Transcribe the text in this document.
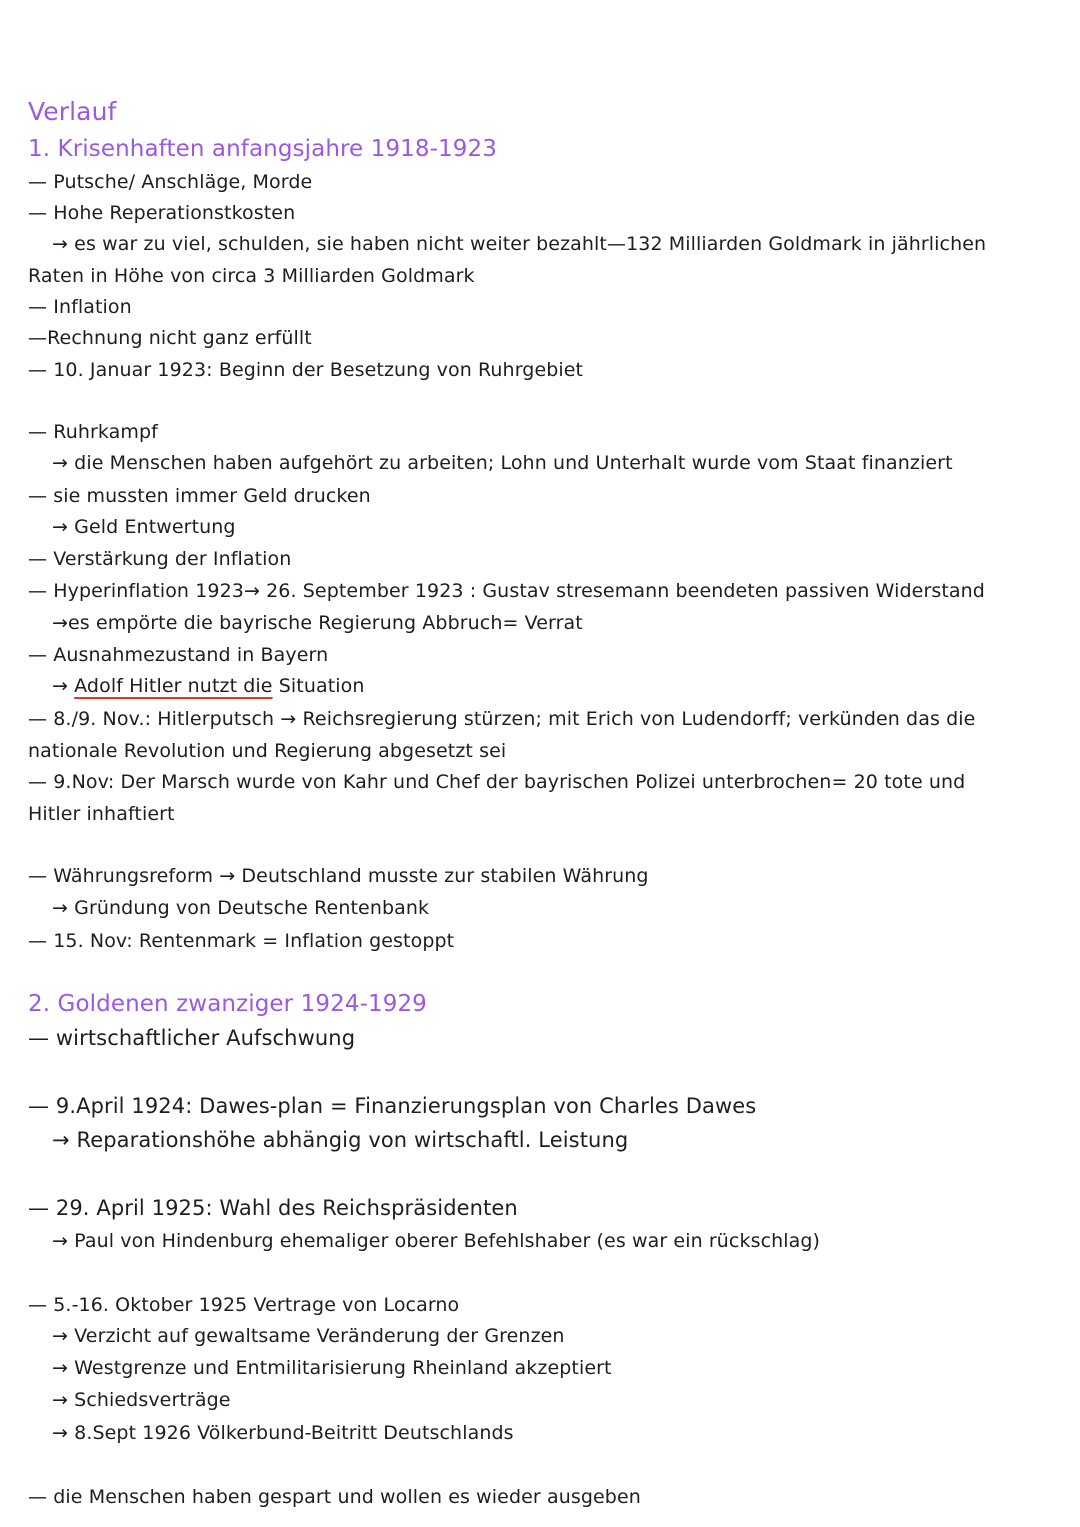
Verlauf
1. Krisenhaften anfangsjahre 1918-1923
— Putsche/ Anschläge, Morde
— Hohe Reperationstkosten
→ es war zu viel, schulden, sie haben nicht weiter bezahlt—132 Milliarden Goldmark in jährlichen
Raten in Höhe von circa 3 Milliarden Goldmark
— Inflation
—Rechnung nicht ganz erfüllt
— 10. Januar 1923: Beginn der Besetzung von Ruhrgebiet
— Ruhrkampf
→ die Menschen haben aufgehört zu arbeiten; Lohn und Unterhalt wurde vom Staat finanziert
— sie mussten immer Geld drucken
→ Geld Entwertung
— Verstärkung der Inflation
— Hyperinflation 1923→ 26. September 1923 : Gustav stresemann beendeten passiven Widerstand
→es empörte die bayrische Regierung Abbruch= Verrat
— Ausnahmezustand in Bayern
→ Adolf Hitler nutzt die Situation
— 8./9. Nov.: Hitlerputsch → Reichsregierung stürzen; mit Erich von Ludendorff; verkünden das die
nationale Revolution und Regierung abgesetzt sei
— 9.Nov: Der Marsch wurde von Kahr und Chef der bayrischen Polizei unterbrochen= 20 tote und
Hitler inhaftiert
— Währungsreform → Deutschland musste zur stabilen Währung
→ Gründung von Deutsche Rentenbank
— 15. Nov: Rentenmark = Inflation gestoppt
2. Goldenen zwanziger 1924-1929
— wirtschaftlicher Aufschwung
— 9.April 1924: Dawes-plan = Finanzierungsplan von Charles Dawes
→ Reparationshöhe abhängig von wirtschaftl. Leistung
— 29. April 1925: Wahl des Reichspräsidenten
→ Paul von Hindenburg ehemaliger oberer Befehlshaber (es war ein rückschlag)
— 5.-16. Oktober 1925 Vertrage von Locarno
→ Verzicht auf gewaltsame Veränderung der Grenzen
→ Westgrenze und Entmilitarisierung Rheinland akzeptiert
→ Schiedsverträge
→ 8.Sept 1926 Völkerbund-Beitritt Deutschlands
— die Menschen haben gespart und wollen es wieder ausgeben
